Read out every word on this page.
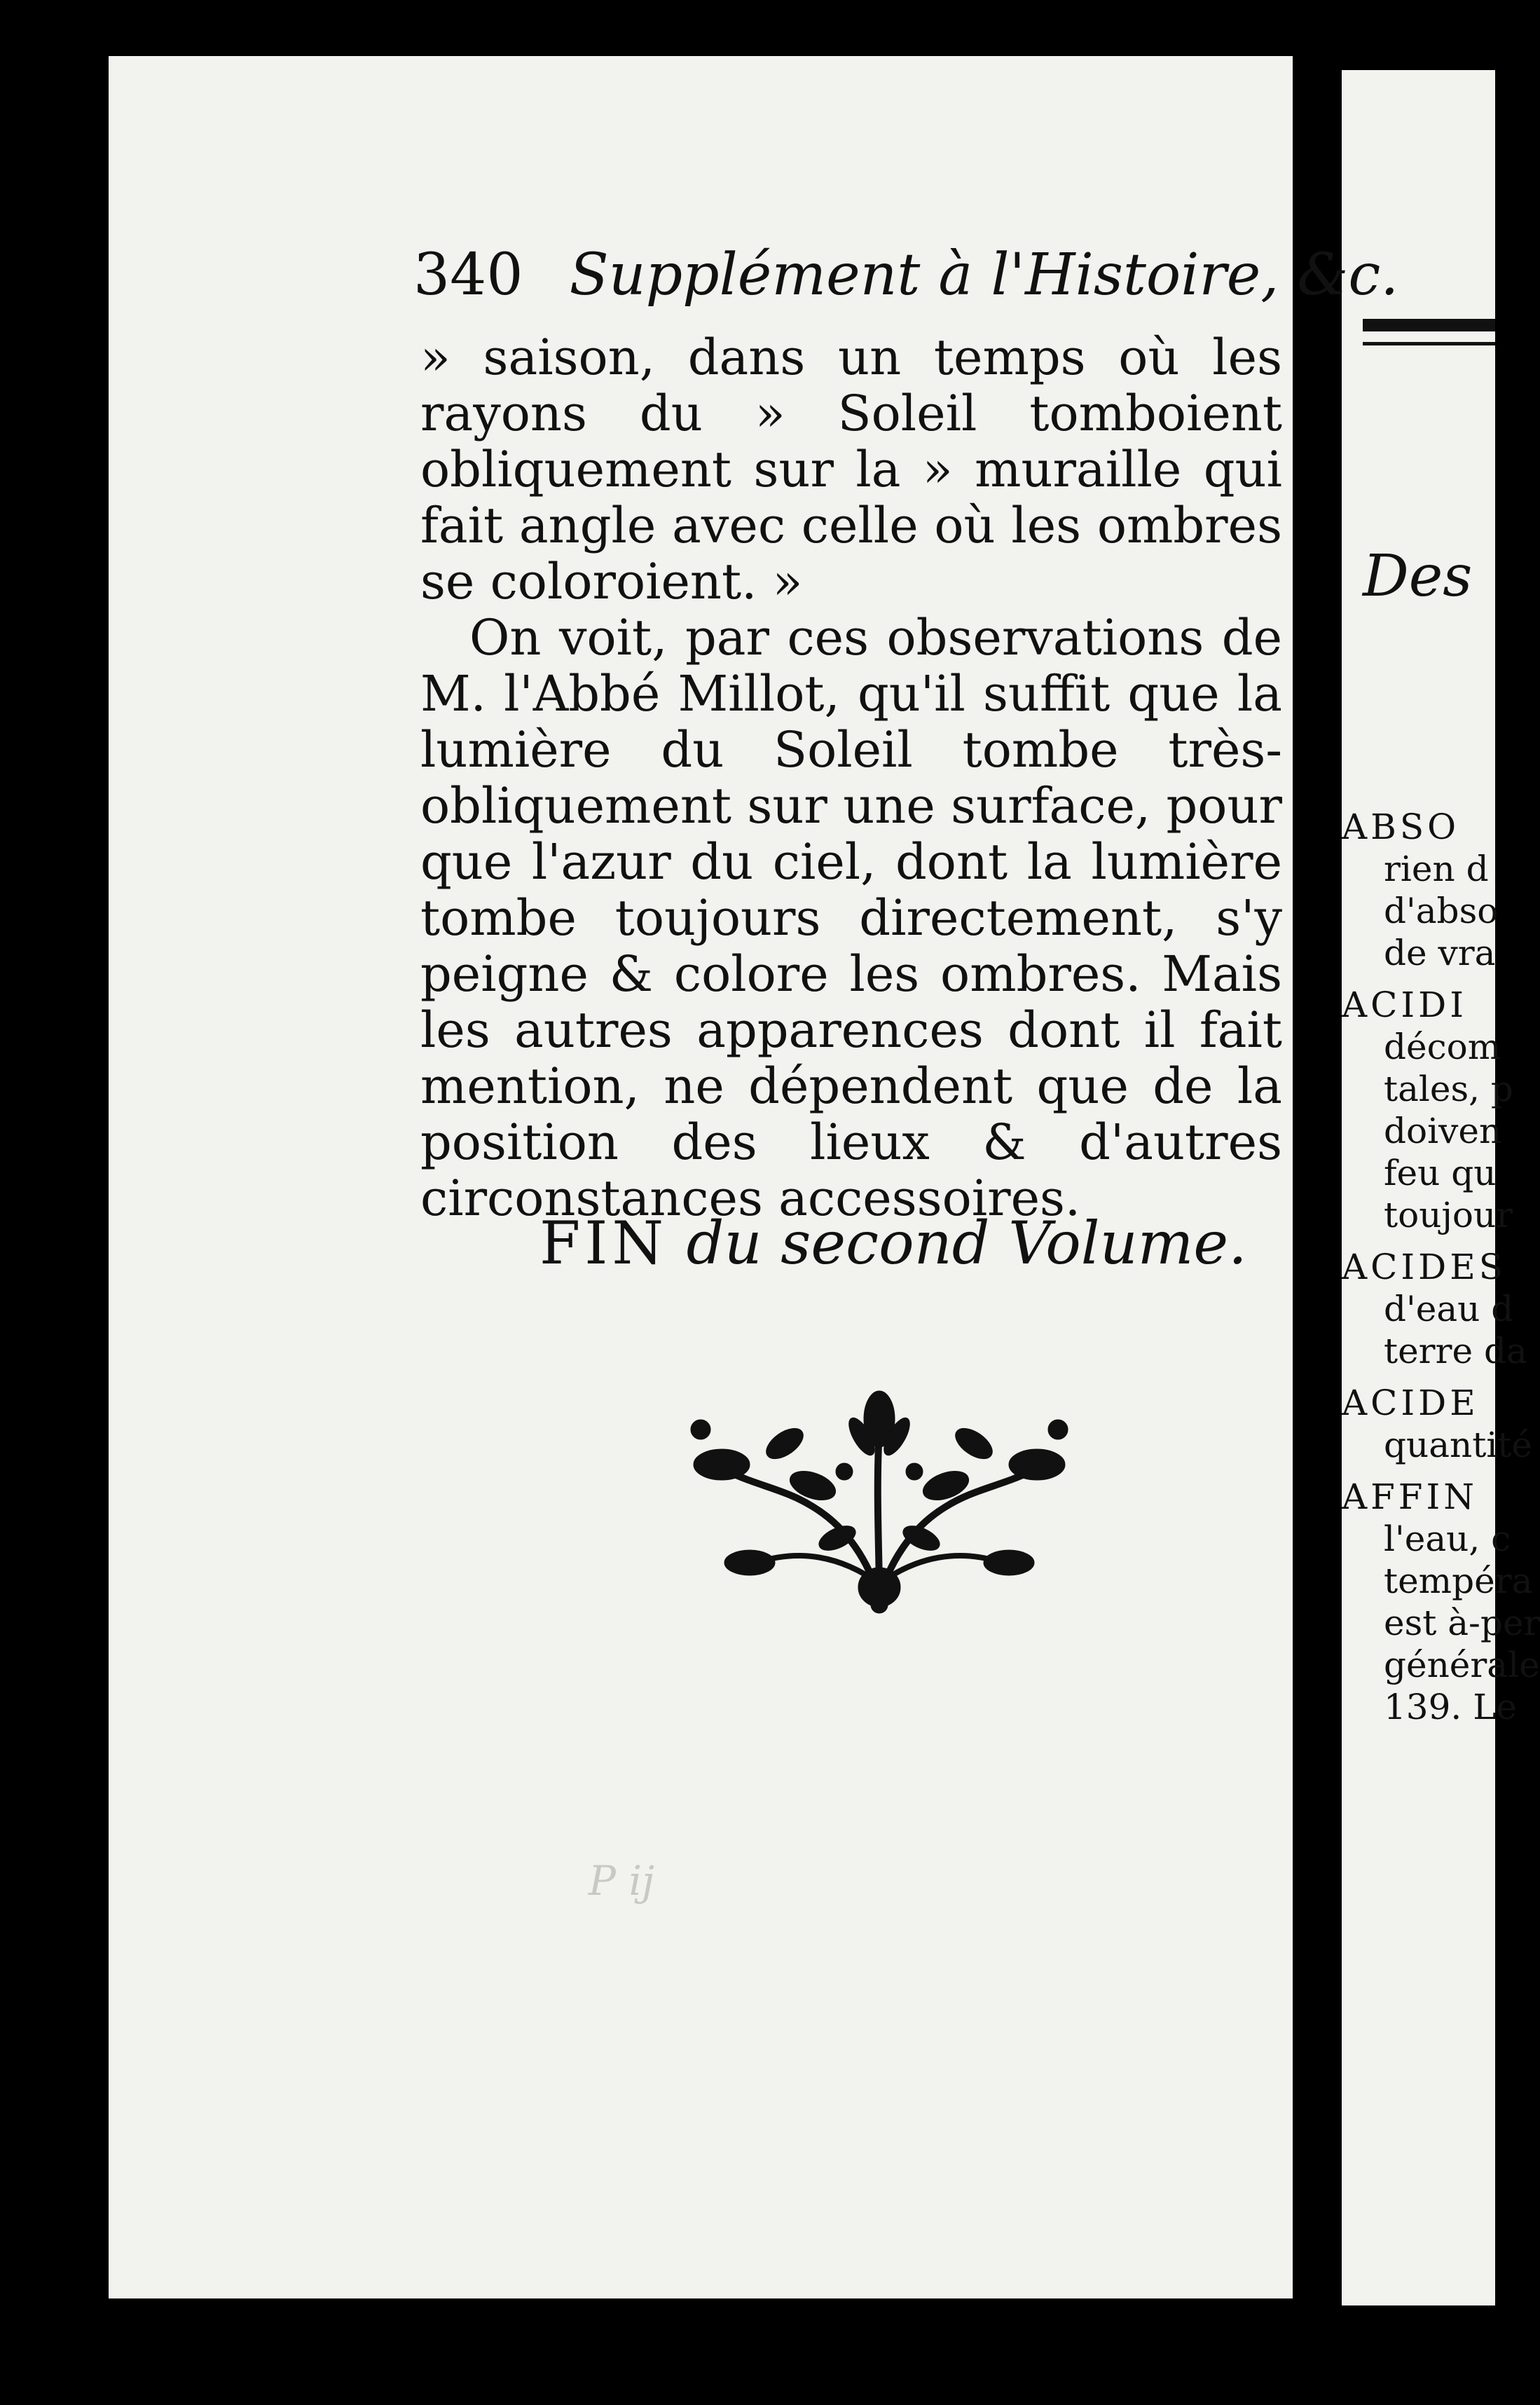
340 Supplément à l'Histoire, &c.

» saison, dans un temps où les rayons du » Soleil tomboient obliquement sur la » muraille qui fait angle avec celle où les ombres se coloroient. »

On voit, par ces observations de M. l'Abbé Millot, qu'il suffit que la lumière du Soleil tombe très-obliquement sur une surface, pour que l'azur du ciel, dont la lumière tombe toujours directement, s'y peigne & colore les ombres. Mais les autres apparences dont il fait mention, ne dépendent que de la position des lieux & d'autres circonstances accessoires.

FIN du second Volume.
P ij
Des
ABSO
rien d
d'abso
de vra
ACIDI
décom
tales, p
doiven
feu qu
toujour
ACIDES
d'eau d
terre da
ACIDE
quantité
AFFIN
l'eau, c
tempéra
est à-per
générale
139. Le
